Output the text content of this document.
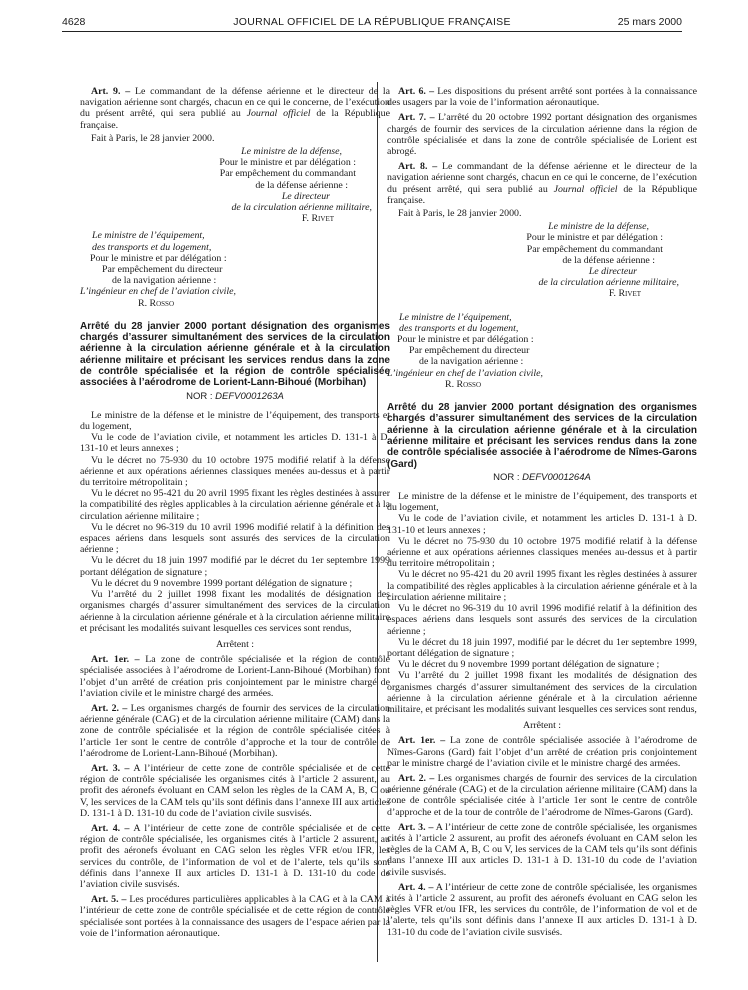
4628	JOURNAL OFFICIEL DE LA RÉPUBLIQUE FRANÇAISE	25 mars 2000

Art. 9. – Le commandant de la défense aérienne et le directeur de la navigation aérienne sont chargés, chacun en ce qui le concerne, de l’exécution du présent arrêté, qui sera publié au Journal officiel de la République française.

Fait à Paris, le 28 janvier 2000.

Le ministre de la défense,
Pour le ministre et par délégation :
Par empêchement du commandant
de la défense aérienne :
Le directeur
de la circulation aérienne militaire,
F. Rivet
Le ministre de l’équipement,
des transports et du logement,
Pour le ministre et par délégation :
Par empêchement du directeur
de la navigation aérienne :
L’ingénieur en chef de l’aviation civile,
R. Rosso

Arrêté du 28 janvier 2000 portant désignation des organismes chargés d’assurer simultanément des services de la circulation aérienne à la circulation aérienne générale et à la circulation aérienne militaire et précisant les services rendus dans la zone de contrôle spécialisée et la région de contrôle spécialisée associées à l’aérodrome de Lorient-Lann-Bihoué (Morbihan)

NOR : DEFV0001263A

Le ministre de la défense et le ministre de l’équipement, des transports et du logement,

Vu le code de l’aviation civile, et notamment les articles D. 131-1 à D. 131-10 et leurs annexes ;

Vu le décret no 75-930 du 10 octobre 1975 modifié relatif à la défense aérienne et aux opérations aériennes classiques menées au-dessus et à partir du territoire métropolitain ;

Vu le décret no 95-421 du 20 avril 1995 fixant les règles destinées à assurer la compatibilité des règles applicables à la circulation aérienne générale et à la circulation aérienne militaire ;

Vu le décret no 96-319 du 10 avril 1996 modifié relatif à la définition des espaces aériens dans lesquels sont assurés des services de la circulation aérienne ;

Vu le décret du 18 juin 1997 modifié par le décret du 1er septembre 1999 portant délégation de signature ;

Vu le décret du 9 novembre 1999 portant délégation de signature ;

Vu l’arrêté du 2 juillet 1998 fixant les modalités de désignation des organismes chargés d’assurer simultanément des services de la circulation aérienne à la circulation aérienne générale et à la circulation aérienne militaire et précisant les modalités suivant lesquelles ces services sont rendus,

Arrêtent :

Art. 1er. – La zone de contrôle spécialisée et la région de contrôle spécialisée associées à l’aérodrome de Lorient-Lann-Bihoué (Morbihan) font l’objet d’un arrêté de création pris conjointement par le ministre chargé de l’aviation civile et le ministre chargé des armées.

Art. 2. – Les organismes chargés de fournir des services de la circulation aérienne générale (CAG) et de la circulation aérienne militaire (CAM) dans la zone de contrôle spécialisée et la région de contrôle spécialisée citées à l’article 1er sont le centre de contrôle d’approche et la tour de contrôle de l’aérodrome de Lorient-Lann-Bihoué (Morbihan).

Art. 3. – A l’intérieur de cette zone de contrôle spécialisée et de cette région de contrôle spécialisée les organismes cités à l’article 2 assurent, au profit des aéronefs évoluant en CAM selon les règles de la CAM A, B, C ou V, les services de la CAM tels qu’ils sont définis dans l’annexe III aux articles D. 131-1 à D. 131-10 du code de l’aviation civile susvisés.

Art. 4. – A l’intérieur de cette zone de contrôle spécialisée et de cette région de contrôle spécialisée, les organismes cités à l’article 2 assurent, au profit des aéronefs évoluant en CAG selon les règles VFR et/ou IFR, les services du contrôle, de l’information de vol et de l’alerte, tels qu’ils sont définis dans l’annexe II aux articles D. 131-1 à D. 131-10 du code de l’aviation civile susvisés.

Art. 5. – Les procédures particulières applicables à la CAG et à la CAM à l’intérieur de cette zone de contrôle spécialisée et de cette région de contrôle spécialisée sont portées à la connaissance des usagers de l’espace aérien par la voie de l’information aéronautique.

Art. 6. – Les dispositions du présent arrêté sont portées à la connaissance des usagers par la voie de l’information aéronautique.

Art. 7. – L’arrêté du 20 octobre 1992 portant désignation des organismes chargés de fournir des services de la circulation aérienne dans la région de contrôle spécialisée et dans la zone de contrôle spécialisée de Lorient est abrogé.

Art. 8. – Le commandant de la défense aérienne et le directeur de la navigation aérienne sont chargés, chacun en ce qui le concerne, de l’exécution du présent arrêté, qui sera publié au Journal officiel de la République française.

Fait à Paris, le 28 janvier 2000.

Le ministre de la défense,
Pour le ministre et par délégation :
Par empêchement du commandant
de la défense aérienne :
Le directeur
de la circulation aérienne militaire,
F. Rivet
Le ministre de l’équipement,
des transports et du logement,
Pour le ministre et par délégation :
Par empêchement du directeur
de la navigation aérienne :
L’ingénieur en chef de l’aviation civile,
R. Rosso

Arrêté du 28 janvier 2000 portant désignation des organismes chargés d’assurer simultanément des services de la circulation aérienne à la circulation aérienne générale et à la circulation aérienne militaire et précisant les services rendus dans la zone de contrôle spécialisée associée à l’aérodrome de Nîmes-Garons (Gard)

NOR : DEFV0001264A

Le ministre de la défense et le ministre de l’équipement, des transports et du logement,

Vu le code de l’aviation civile, et notamment les articles D. 131-1 à D. 131-10 et leurs annexes ;

Vu le décret no 75-930 du 10 octobre 1975 modifié relatif à la défense aérienne et aux opérations aériennes classiques menées au-dessus et à partir du territoire métropolitain ;

Vu le décret no 95-421 du 20 avril 1995 fixant les règles destinées à assurer la compatibilité des règles applicables à la circulation aérienne générale et à la circulation aérienne militaire ;

Vu le décret no 96-319 du 10 avril 1996 modifié relatif à la définition des espaces aériens dans lesquels sont assurés des services de la circulation aérienne ;

Vu le décret du 18 juin 1997, modifié par le décret du 1er septembre 1999, portant délégation de signature ;

Vu le décret du 9 novembre 1999 portant délégation de signature ;

Vu l’arrêté du 2 juillet 1998 fixant les modalités de désignation des organismes chargés d’assurer simultanément des services de la circulation aérienne à la circulation aérienne générale et à la circulation aérienne militaire, et précisant les modalités suivant lesquelles ces services sont rendus,

Arrêtent :

Art. 1er. – La zone de contrôle spécialisée associée à l’aérodrome de Nîmes-Garons (Gard) fait l’objet d’un arrêté de création pris conjointement par le ministre chargé de l’aviation civile et le ministre chargé des armées.

Art. 2. – Les organismes chargés de fournir des services de la circulation aérienne générale (CAG) et de la circulation aérienne militaire (CAM) dans la zone de contrôle spécialisée citée à l’article 1er sont le centre de contrôle d’approche et de la tour de contrôle de l’aérodrome de Nîmes-Garons (Gard).

Art. 3. – A l’intérieur de cette zone de contrôle spécialisée, les organismes cités à l’article 2 assurent, au profit des aéronefs évoluant en CAM selon les règles de la CAM A, B, C ou V, les services de la CAM tels qu’ils sont définis dans l’annexe III aux articles D. 131-1 à D. 131-10 du code de l’aviation civile susvisés.

Art. 4. – A l’intérieur de cette zone de contrôle spécialisée, les organismes cités à l’article 2 assurent, au profit des aéronefs évoluant en CAG selon les règles VFR et/ou IFR, les services du contrôle, de l’information de vol et de l’alerte, tels qu’ils sont définis dans l’annexe II aux articles D. 131-1 à D. 131-10 du code de l’aviation civile susvisés.
